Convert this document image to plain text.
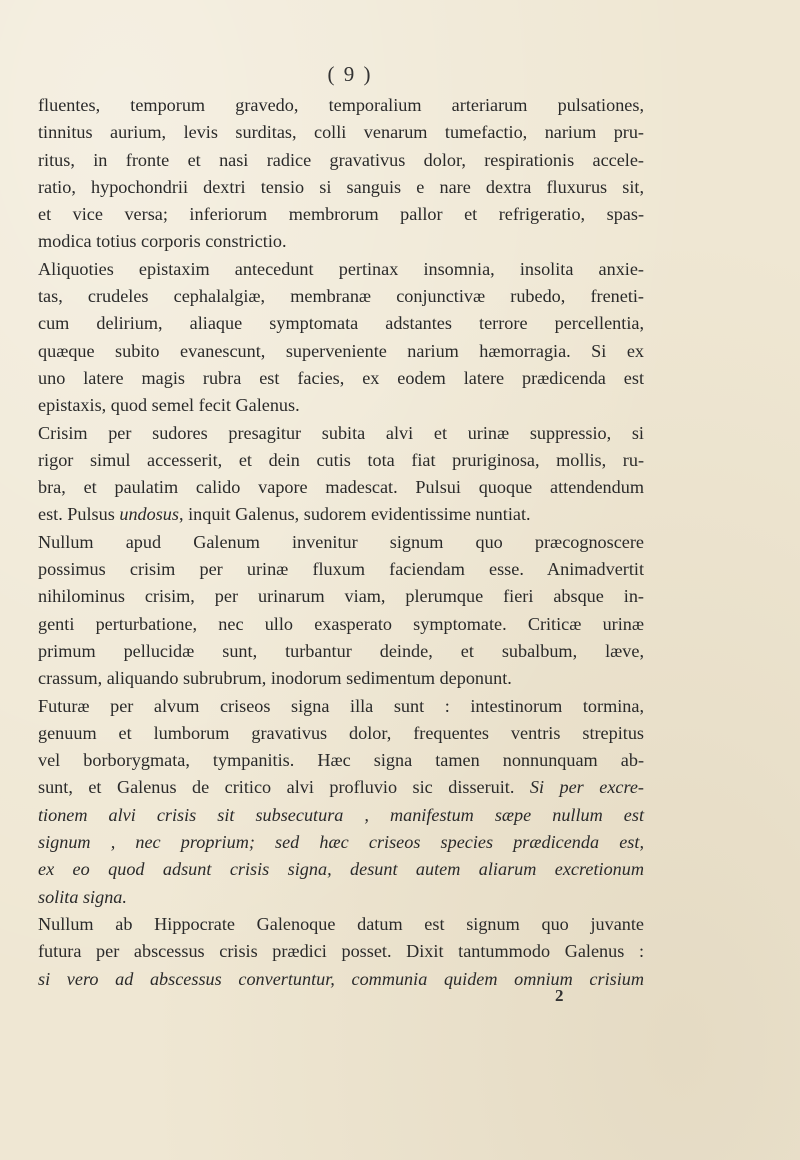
( 9 )
fluentes, temporum gravedo, temporalium arteriarum pulsationes,
tinnitus aurium, levis surditas, colli venarum tumefactio, narium pru-
ritus, in fronte et nasi radice gravativus dolor, respirationis accele-
ratio, hypochondrii dextri tensio si sanguis e nare dextra fluxurus sit,
et vice versa; inferiorum membrorum pallor et refrigeratio, spas-
modica totius corporis constrictio.
Aliquoties epistaxim antecedunt pertinax insomnia, insolita anxie-
tas, crudeles cephalalgiæ, membranæ conjunctivæ rubedo, freneti-
cum delirium, aliaque symptomata adstantes terrore percellentia,
quæque subito evanescunt, superveniente narium hæmorragia. Si ex
uno latere magis rubra est facies, ex eodem latere prædicenda est
epistaxis, quod semel fecit Galenus.
Crisim per sudores presagitur subita alvi et urinæ suppressio, si
rigor simul accesserit, et dein cutis tota fiat pruriginosa, mollis, ru-
bra, et paulatim calido vapore madescat. Pulsui quoque attendendum
est. Pulsus undosus, inquit Galenus, sudorem evidentissime nuntiat.
Nullum apud Galenum invenitur signum quo præcognoscere
possimus crisim per urinæ fluxum faciendam esse. Animadvertit
nihilominus crisim, per urinarum viam, plerumque fieri absque in-
genti perturbatione, nec ullo exasperato symptomate. Criticæ urinæ
primum pellucidæ sunt, turbantur deinde, et subalbum, læve,
crassum, aliquando subrubrum, inodorum sedimentum deponunt.
Futuræ per alvum criseos signa illa sunt : intestinorum tormina,
genuum et lumborum gravativus dolor, frequentes ventris strepitus
vel borborygmata, tympanitis. Hæc signa tamen nonnunquam ab-
sunt, et Galenus de critico alvi profluvio sic disseruit. Si per excre-
tionem alvi crisis sit subsecutura , manifestum sæpe nullum est
signum , nec proprium; sed hæc criseos species prædicenda est,
ex eo quod adsunt crisis signa, desunt autem aliarum excretionum
solita signa.
Nullum ab Hippocrate Galenoque datum est signum quo juvante
futura per abscessus crisis prædici posset. Dixit tantummodo Galenus :
si vero ad abscessus convertuntur, communia quidem omnium crisium
2
